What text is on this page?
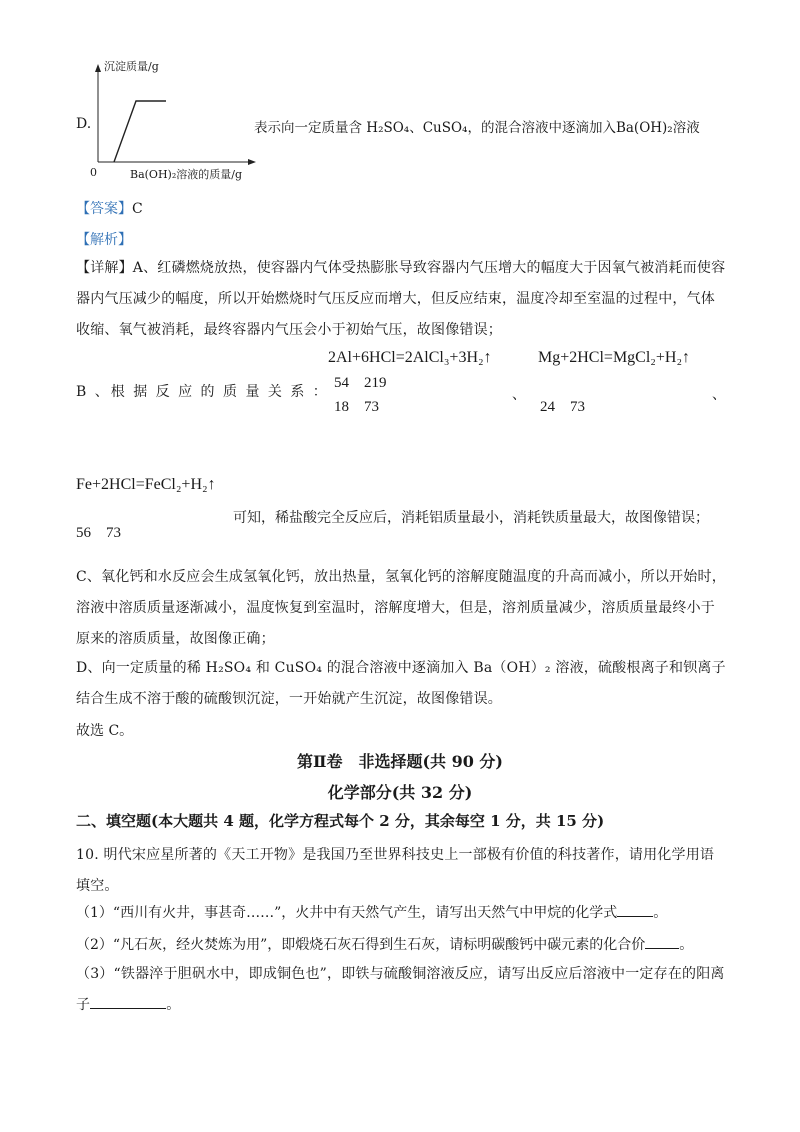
D.
沉淀质量/g
0	Ba(OH)₂溶液的质量/g
表示向一定质量含 H₂SO₄、CuSO₄，的混合溶液中逐滴加入Ba(OH)₂溶液
【答案】C
【解析】
【详解】A、红磷燃烧放热，使容器内气体受热膨胀导致容器内气压增大的幅度大于因氧气被消耗而使容器内气压减少的幅度，所以开始燃烧时气压反应而增大，但反应结束，温度冷却至室温的过程中，气体收缩、氧气被消耗，最终容器内气压会小于初始气压，故图像错误；
2Al+6HCl=2AlCl₃+3H₂↑
54    219
18    73
B 、根 据 反 应 的 质 量 关 系 ：	、
Mg+2HCl=MgCl₂+H₂↑
24    73
、
Fe+2HCl=FeCl₂+H₂↑
56    73
可知，稀盐酸完全反应后，消耗铝质量最小，消耗铁质量最大，故图像错误；
C、氧化钙和水反应会生成氢氧化钙，放出热量，氢氧化钙的溶解度随温度的升高而减小，所以开始时，溶液中溶质质量逐渐减小，温度恢复到室温时，溶解度增大，但是，溶剂质量减少，溶质质量最终小于原来的溶质质量，故图像正确；
D、向一定质量的稀 H₂SO₄ 和 CuSO₄ 的混合溶液中逐滴加入 Ba（OH）₂ 溶液，硫酸根离子和钡离子结合生成不溶于酸的硫酸钡沉淀，一开始就产生沉淀，故图像错误。
故选 C。
第Ⅱ卷　非选择题(共 90 分)
化学部分(共 32 分)
二、填空题(本大题共 4 题，化学方程式每个 2 分，其余每空 1 分，共 15 分)
10. 明代宋应星所著的《天工开物》是我国乃至世界科技史上一部极有价值的科技著作，请用化学用语填空。
（1）“西川有火井，事甚奇……”，火井中有天然气产生，请写出天然气中甲烷的化学式	。
（2）“凡石灰，经火焚炼为用”，即煅烧石灰石得到生石灰，请标明碳酸钙中碳元素的化合价 。
（3）“铁器淬于胆矾水中，即成铜色也”，即铁与硫酸铜溶液反应，请写出反应后溶液中一定存在的阳离子	。
